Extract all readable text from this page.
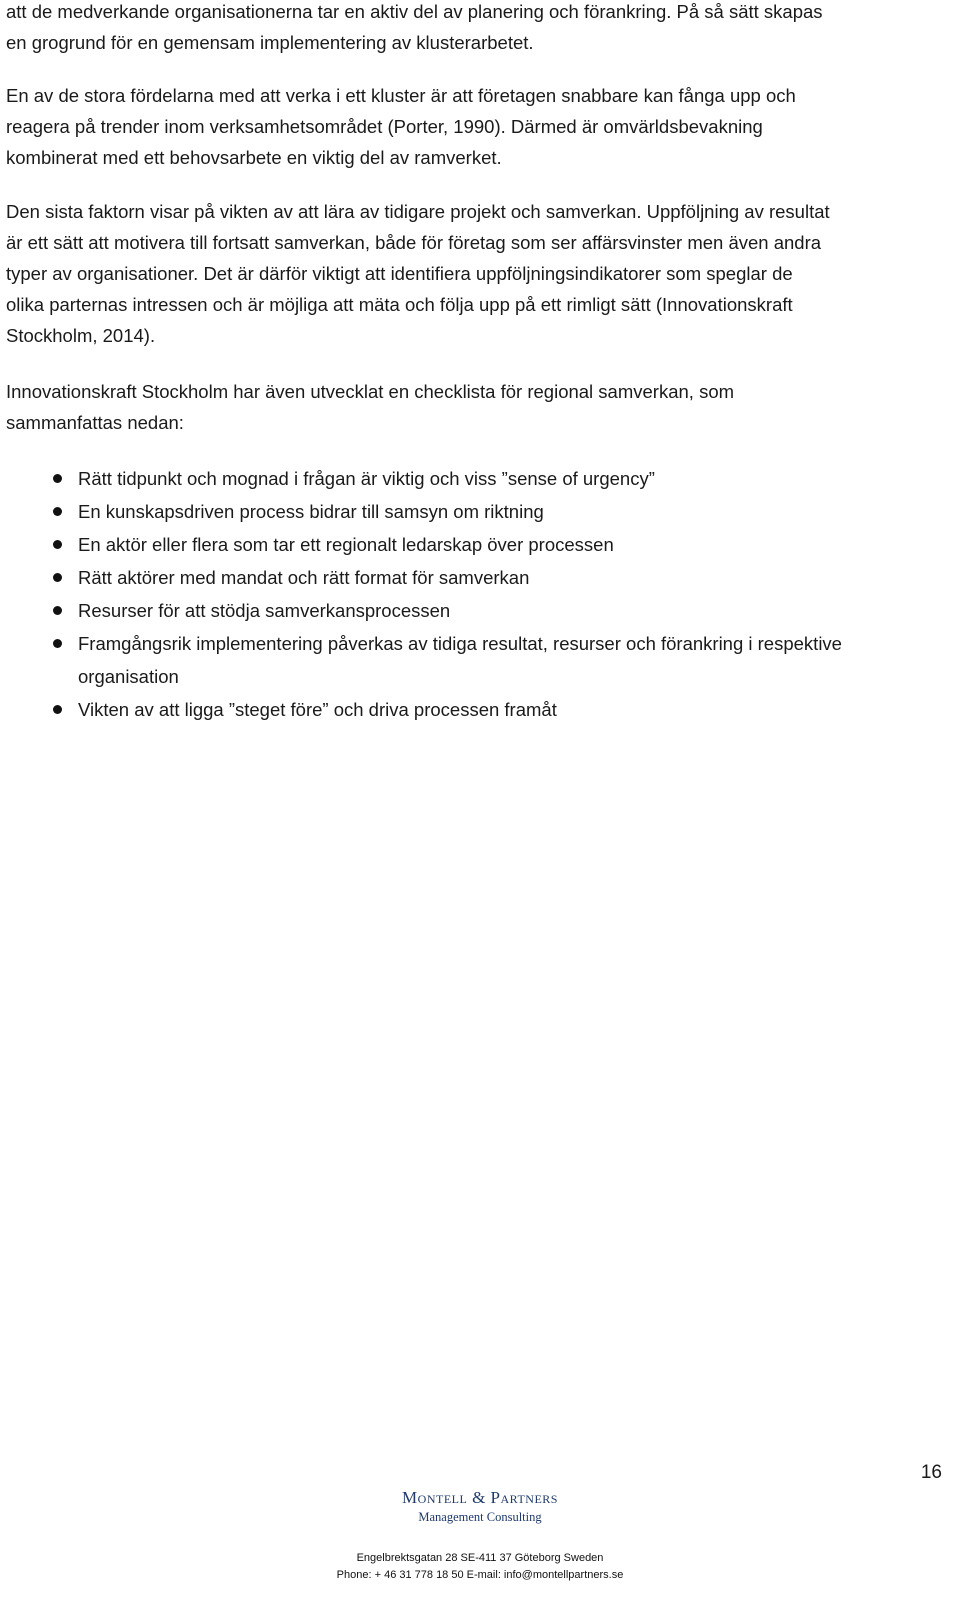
att de medverkande organisationerna tar en aktiv del av planering och förankring. På så sätt skapas
en grogrund för en gemensam implementering av klusterarbetet.

En av de stora fördelarna med att verka i ett kluster är att företagen snabbare kan fånga upp och
reagera på trender inom verksamhetsområdet (Porter, 1990). Därmed är omvärldsbevakning
kombinerat med ett behovsarbete en viktig del av ramverket.

Den sista faktorn visar på vikten av att lära av tidigare projekt och samverkan. Uppföljning av resultat
är ett sätt att motivera till fortsatt samverkan, både för företag som ser affärsvinster men även andra
typer av organisationer. Det är därför viktigt att identifiera uppföljningsindikatorer som speglar de
olika parternas intressen och är möjliga att mäta och följa upp på ett rimligt sätt (Innovationskraft
Stockholm, 2014).

Innovationskraft Stockholm har även utvecklat en checklista för regional samverkan, som
sammanfattas nedan:

Rätt tidpunkt och mognad i frågan är viktig och viss ”sense of urgency”
En kunskapsdriven process bidrar till samsyn om riktning
En aktör eller flera som tar ett regionalt ledarskap över processen
Rätt aktörer med mandat och rätt format för samverkan
Resurser för att stödja samverkansprocessen
Framgångsrik implementering påverkas av tidiga resultat, resurser och förankring i respektive
organisation
Vikten av att ligga ”steget före” och driva processen framåt
16
Montell & Partners
Management Consulting
Engelbrektsgatan 28 SE-411 37 Göteborg Sweden
Phone: + 46 31 778 18 50 E-mail: info@montellpartners.se
